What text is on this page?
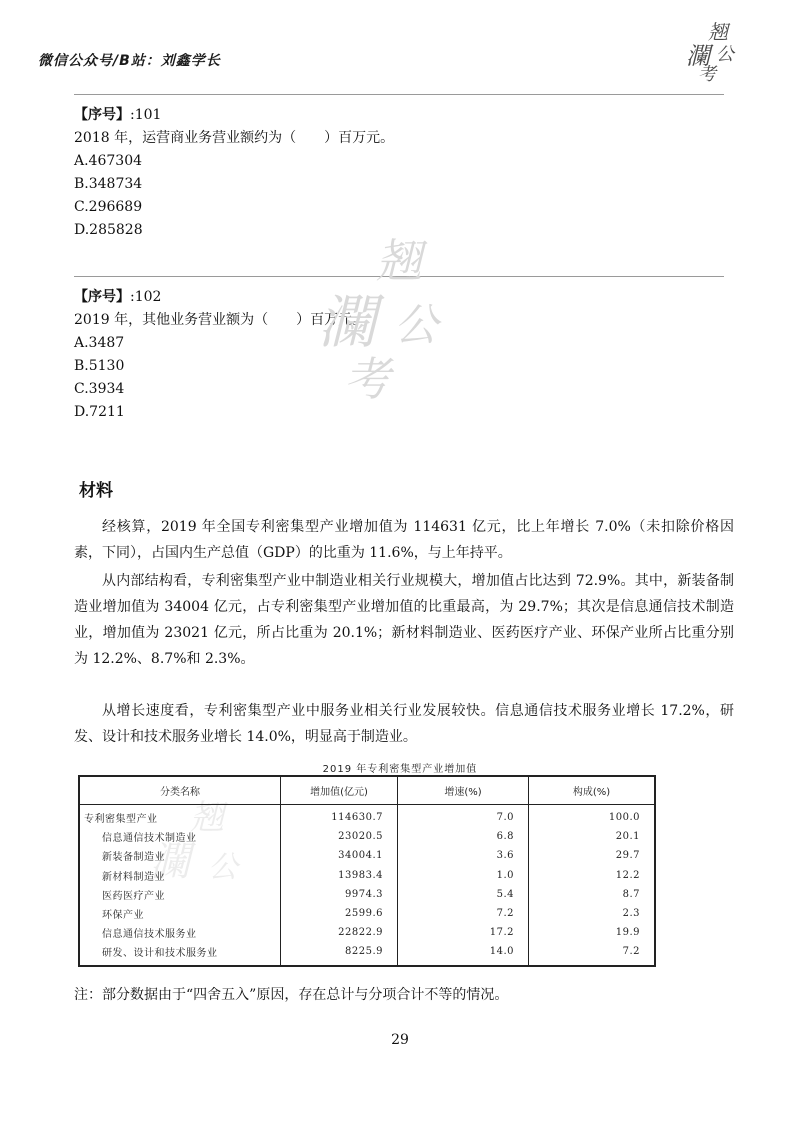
微信公众号/B站：刘鑫学长
翘
瀾 公
考
【序号】:101
2018 年，运营商业务营业额约为（　　）百万元。
A.467304
B.348734
C.296689
D.285828
【序号】:102
2019 年，其他业务营业额为（　　）百万元。
A.3487
B.5130
C.3934
D.7211
翘
瀾 公
考
材料

经核算，2019 年全国专利密集型产业增加值为 114631 亿元，比上年增长 7.0%（未扣除价格因素，下同），占国内生产总值（GDP）的比重为 11.6%，与上年持平。

从内部结构看，专利密集型产业中制造业相关行业规模大，增加值占比达到 72.9%。其中，新装备制造业增加值为 34004 亿元，占专利密集型产业增加值的比重最高，为 29.7%；其次是信息通信技术制造业，增加值为 23021 亿元，所占比重为 20.1%；新材料制造业、医药医疗产业、环保产业所占比重分别为 12.2%、8.7%和 2.3%。

从增长速度看，专利密集型产业中服务业相关行业发展较快。信息通信技术服务业增长 17.2%，研发、设计和技术服务业增长 14.0%，明显高于制造业。

2019 年专利密集型产业增加值
翘
瀾 公
分类名称	增加值(亿元)	增速(%)	构成(%)
专利密集型产业	114630.7	7.0	100.0
信息通信技术制造业	23020.5	6.8	20.1
新装备制造业	34004.1	3.6	29.7
新材料制造业	13983.4	1.0	12.2
医药医疗产业	9974.3	5.4	8.7
环保产业	2599.6	7.2	2.3
信息通信技术服务业	22822.9	17.2	19.9
研发、设计和技术服务业	8225.9	14.0	7.2
注：部分数据由于“四舍五入”原因，存在总计与分项合计不等的情况。
29
